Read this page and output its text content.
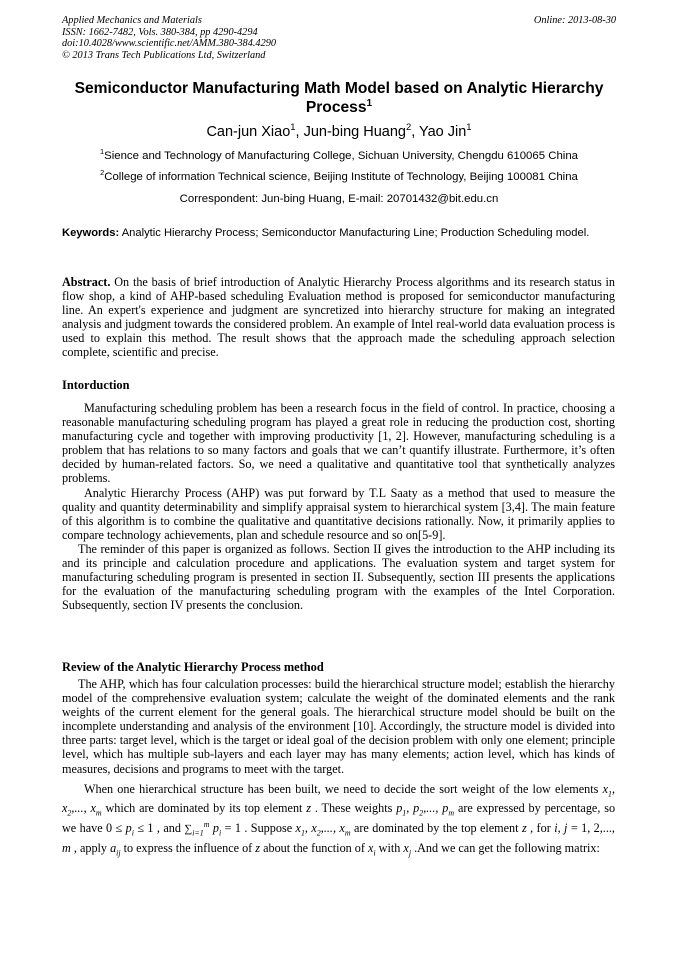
Applied Mechanics and Materials
ISSN: 1662-7482, Vols. 380-384, pp 4290-4294
doi:10.4028/www.scientific.net/AMM.380-384.4290
© 2013 Trans Tech Publications Ltd, Switzerland
Online: 2013-08-30
Semiconductor Manufacturing Math Model based on Analytic Hierarchy Process$^1$
Can-jun Xiao$^1$, Jun-bing Huang$^2$, Yao Jin$^1$
$^1$Sience and Technology of Manufacturing College, Sichuan University, Chengdu 610065 China
$^2$College of information Technical science, Beijing Institute of Technology, Beijing 100081 China
Correspondent: Jun-bing Huang, E-mail: 20701432@bit.edu.cn
Keywords: Analytic Hierarchy Process; Semiconductor Manufacturing Line; Production Scheduling model.

Abstract. On the basis of brief introduction of Analytic Hierarchy Process algorithms and its research status in flow shop, a kind of AHP-based scheduling Evaluation method is proposed for semiconductor manufacturing line. An expert's experience and judgment are syncretized into hierarchy structure for making an integrated analysis and judgment towards the considered problem. An example of Intel real-world data evaluation process is used to explain this method. The result shows that the approach made the scheduling approach selection complete, scientific and precise.

Intorduction

Manufacturing scheduling problem has been a research focus in the field of control. In practice, choosing a reasonable manufacturing scheduling program has played a great role in reducing the production cost, shorting manufacturing cycle and together with improving productivity [1, 2]. However, manufacturing scheduling is a problem that has relations to so many factors and goals that we can’t quantify illustrate. Furthermore, it’s often decided by human-related factors. So, we need a qualitative and quantitative tool that synthetically analyzes problems.

Analytic Hierarchy Process (AHP) was put forward by T.L Saaty as a method that used to measure the quality and quantity determinability and simplify appraisal system to hierarchical system [3,4]. The main feature of this algorithm is to combine the qualitative and quantitative decisions rationally. Now, it primarily applies to compare technology achievements, plan and schedule resource and so on[5-9].

The reminder of this paper is organized as follows. Section II gives the introduction to the AHP including its and its principle and calculation procedure and applications. The evaluation system and target system for manufacturing scheduling program is presented in section II. Subsequently, section III presents the applications for the evaluation of the manufacturing scheduling program with the examples of the Intel Corporation. Subsequently, section IV presents the conclusion.

Review of the Analytic Hierarchy Process method

The AHP, which has four calculation processes: build the hierarchical structure model; establish the hierarchy model of the comprehensive evaluation system; calculate the weight of the dominated elements and the rank weights of the current element for the general goals. The hierarchical structure model should be built on the incomplete understanding and analysis of the environment [10]. Accordingly, the structure model is divided into three parts: target level, which is the target or ideal goal of the decision problem with only one element; principle level, which has multiple sub-layers and each layer may has many elements; action level, which has kinds of measures, decisions and programs to meet with the target.

When one hierarchical structure has been built, we need to decide the sort weight of the low elements $x_1$, $x_2$,..., $x_m$ which are dominated by its top element z . These weights $p_1$, $p_2$,..., $p_m$ are expressed by percentage, so we have $0 \le p_i \le 1$ , and $\sum_{i=1}^m$ $p_i = 1$ . Suppose $x_1$, $x_2$,..., $x_m$ are dominated by the top element z , for i, j = 1, 2,..., m , apply $a_{ij}$ to express the influence of z about the function of $x_i$ with $x_j$ .And we can get the following matrix:
